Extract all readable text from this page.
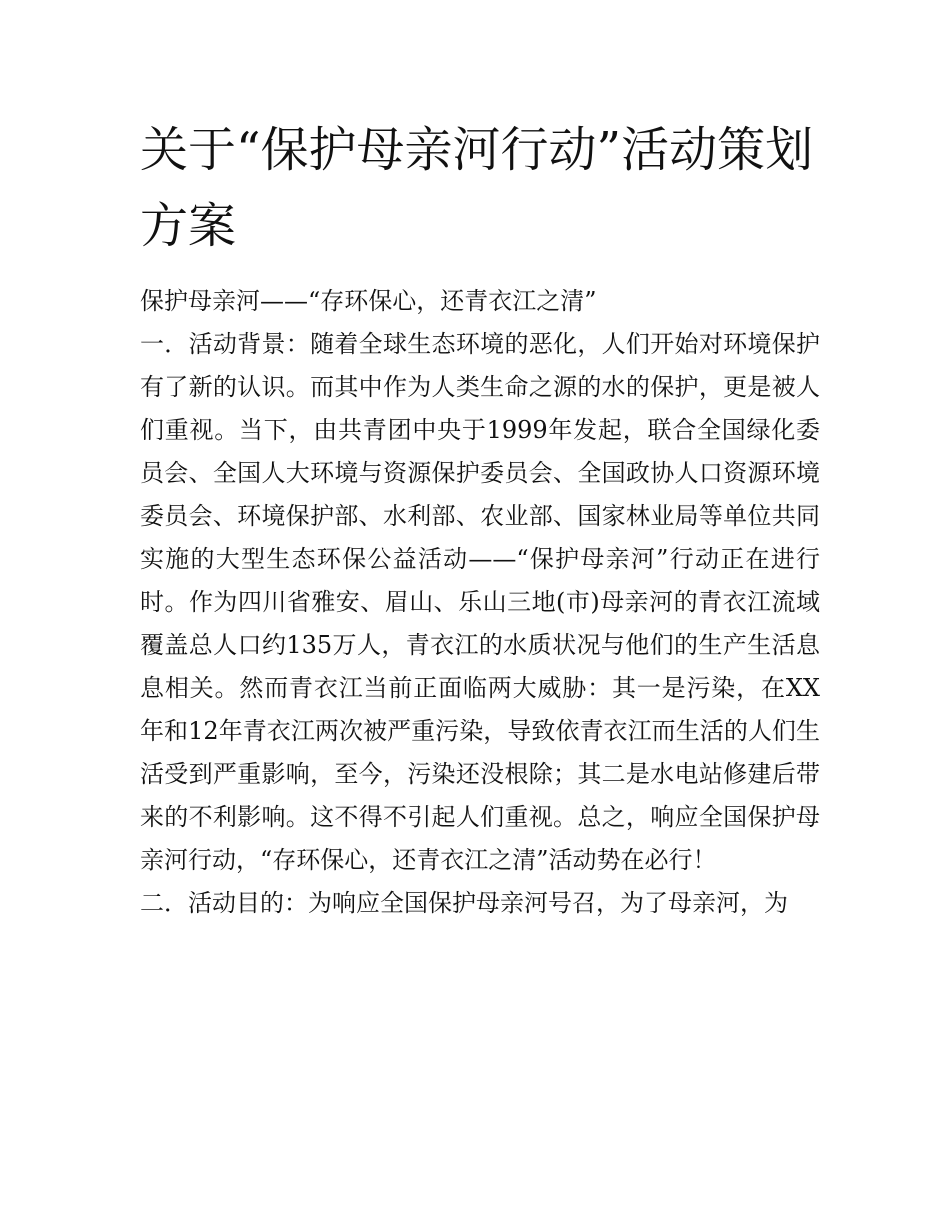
关于“保护母亲河行动”活动策划方案

保护母亲河——“存环保心，还青衣江之清”

一．活动背景：随着全球生态环境的恶化，人们开始对环境保护有了新的认识。而其中作为人类生命之源的水的保护，更是被人们重视。当下，由共青团中央于1999年发起，联合全国绿化委员会、全国人大环境与资源保护委员会、全国政协人口资源环境委员会、环境保护部、水利部、农业部、国家林业局等单位共同实施的大型生态环保公益活动——“保护母亲河”行动正在进行时。作为四川省雅安、眉山、乐山三地(市)母亲河的青衣江流域覆盖总人口约135万人，青衣江的水质状况与他们的生产生活息息相关。然而青衣江当前正面临两大威胁：其一是污染，在XX年和12年青衣江两次被严重污染，导致依青衣江而生活的人们生活受到严重影响，至今，污染还没根除；其二是水电站修建后带来的不利影响。这不得不引起人们重视。总之，响应全国保护母亲河行动，“存环保心，还青衣江之清”活动势在必行！

二．活动目的：为响应全国保护母亲河号召，为了母亲河，为
